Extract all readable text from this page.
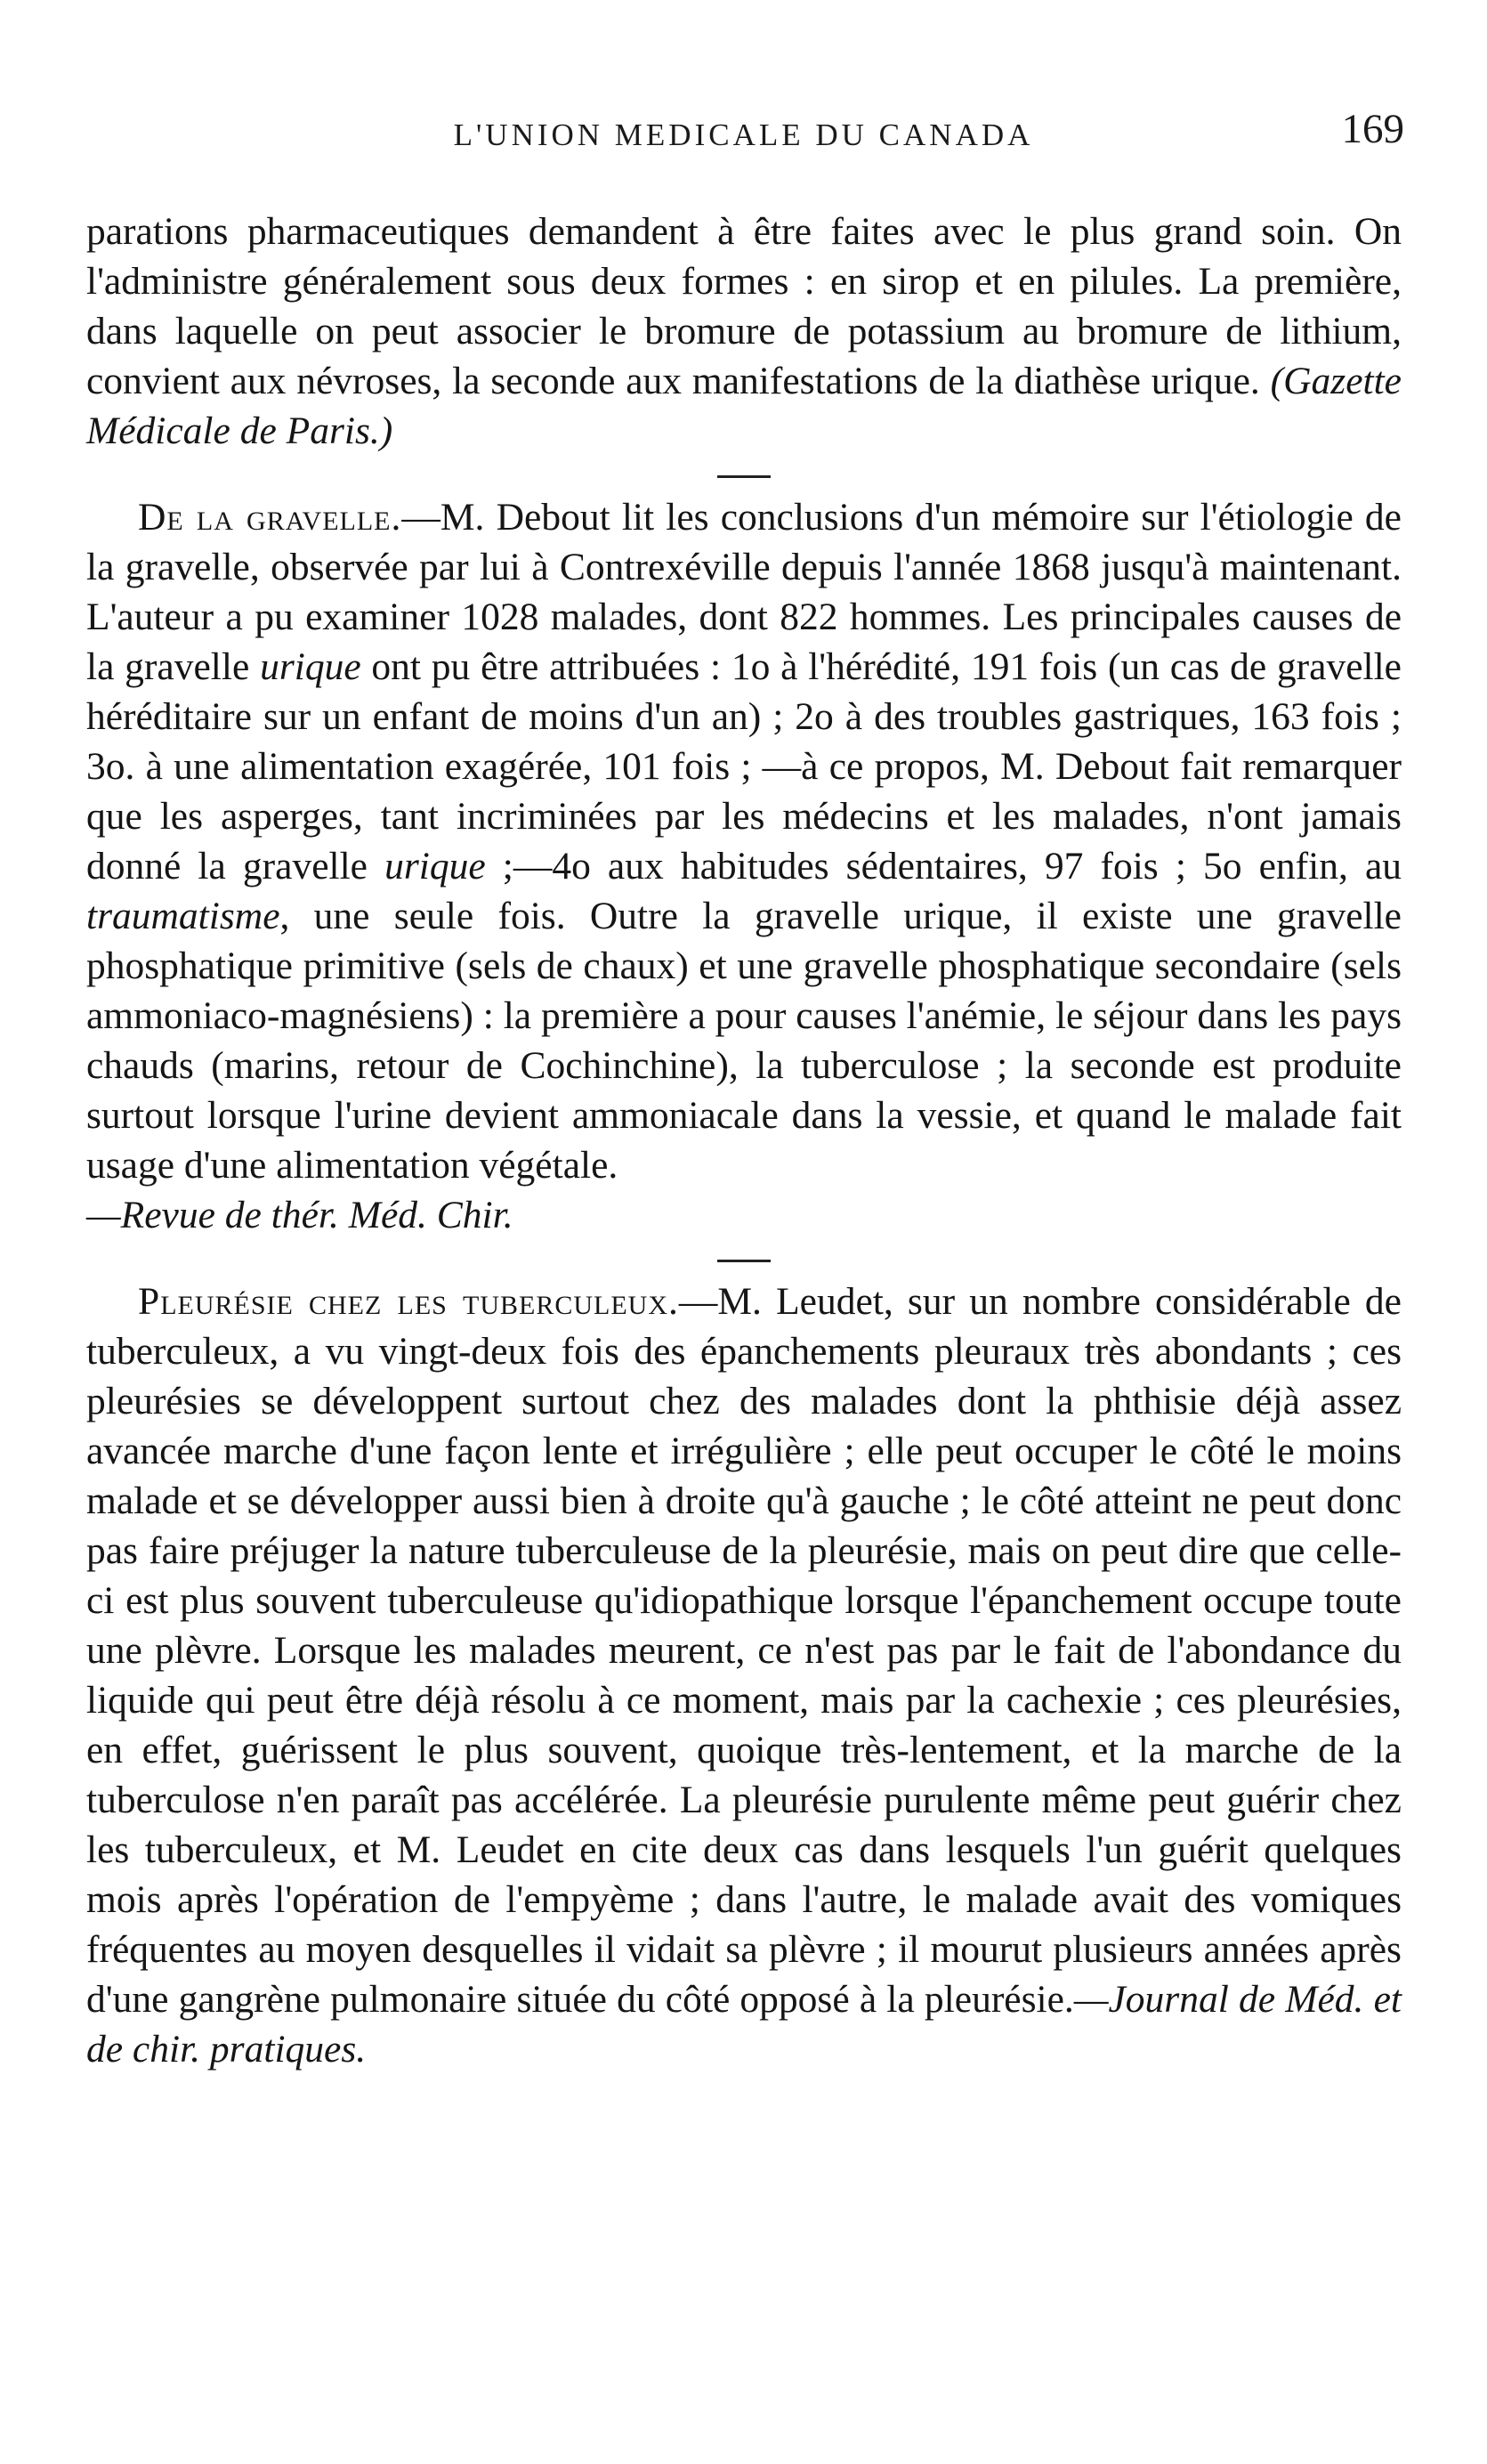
L'UNION MEDICALE DU CANADA	169

parations pharmaceutiques demandent à être faites avec le plus grand soin. On l'administre généralement sous deux formes : en sirop et en pilules. La première, dans laquelle on peut associer le bromure de potassium au bromure de lithium, convient aux névroses, la seconde aux manifestations de la diathèse urique. (Gazette Médicale de Paris.)

De la gravelle.—M. Debout lit les conclusions d'un mémoire sur l'étiologie de la gravelle, observée par lui à Contrexéville depuis l'année 1868 jusqu'à maintenant. L'auteur a pu examiner 1028 malades, dont 822 hommes. Les principales causes de la gravelle urique ont pu être attribuées : 1o à l'hérédité, 191 fois (un cas de gravelle héréditaire sur un enfant de moins d'un an) ; 2o à des troubles gastriques, 163 fois ; 3o. à une alimentation exagérée, 101 fois ; —à ce propos, M. Debout fait remarquer que les asperges, tant incriminées par les médecins et les malades, n'ont jamais donné la gravelle urique ;—4o aux habitudes sédentaires, 97 fois ; 5o enfin, au traumatisme, une seule fois. Outre la gravelle urique, il existe une gravelle phosphatique primitive (sels de chaux) et une gravelle phosphatique secondaire (sels ammoniaco-magnésiens) : la première a pour causes l'anémie, le séjour dans les pays chauds (marins, retour de Cochinchine), la tuberculose ; la seconde est produite surtout lorsque l'urine devient ammoniacale dans la vessie, et quand le malade fait usage d'une alimentation végétale.

—Revue de thér. Méd. Chir.

Pleurésie chez les tuberculeux.—M. Leudet, sur un nombre considérable de tuberculeux, a vu vingt-deux fois des épanchements pleuraux très abondants ; ces pleurésies se développent surtout chez des malades dont la phthisie déjà assez avancée marche d'une façon lente et irrégulière ; elle peut occuper le côté le moins malade et se développer aussi bien à droite qu'à gauche ; le côté atteint ne peut donc pas faire préjuger la nature tuberculeuse de la pleurésie, mais on peut dire que celle-ci est plus souvent tuberculeuse qu'idiopathique lorsque l'épanchement occupe toute une plèvre. Lorsque les malades meurent, ce n'est pas par le fait de l'abondance du liquide qui peut être déjà résolu à ce moment, mais par la cachexie ; ces pleurésies, en effet, guérissent le plus souvent, quoique très-lentement, et la marche de la tuberculose n'en paraît pas accélérée. La pleurésie purulente même peut guérir chez les tuberculeux, et M. Leudet en cite deux cas dans lesquels l'un guérit quelques mois après l'opération de l'empyème ; dans l'autre, le malade avait des vomiques fréquentes au moyen desquelles il vidait sa plèvre ; il mourut plusieurs années après d'une gangrène pulmonaire située du côté opposé à la pleurésie.—Journal de Méd. et de chir. pratiques.
